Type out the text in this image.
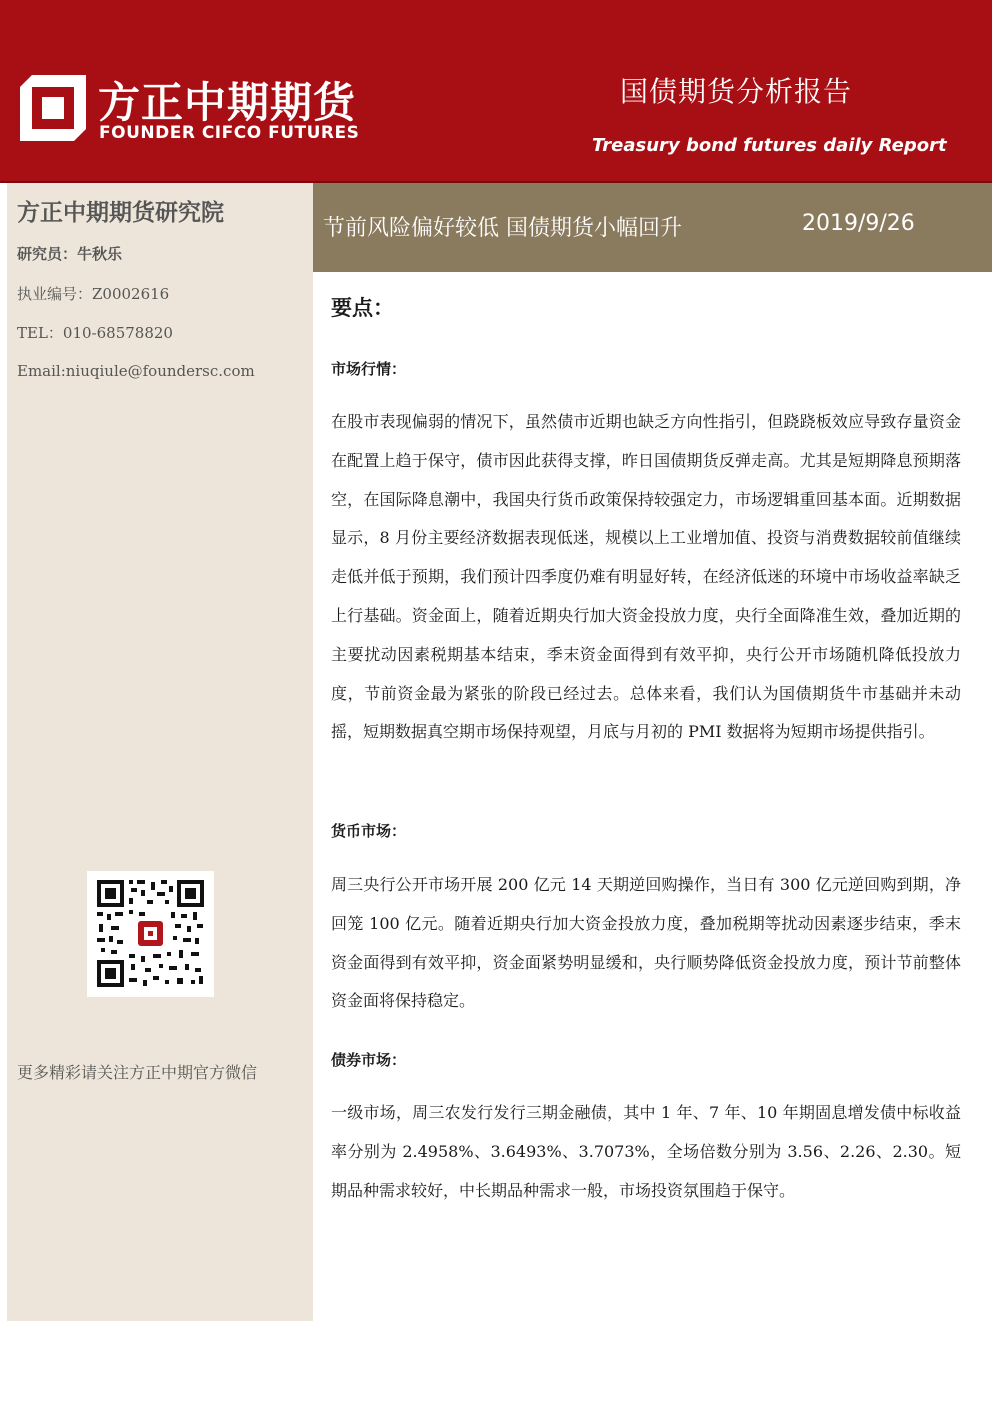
方正中期期货
FOUNDER CIFCO FUTURES
国债期货分析报告
Treasury bond futures daily Report
方正中期期货研究院
研究员：牛秋乐
执业编号：Z0002616
TEL：010-68578820
Email:niuqiule@foundersc.com
更多精彩请关注方正中期官方微信
节前风险偏好较低 国债期货小幅回升	2019/9/26
要点：
市场行情：
在股市表现偏弱的情况下，虽然债市近期也缺乏方向性指引，但跷跷板效应导致存量资金在配置上趋于保守，债市因此获得支撑，昨日国债期货反弹走高。尤其是短期降息预期落空，在国际降息潮中，我国央行货币政策保持较强定力，市场逻辑重回基本面。近期数据显示，8 月份主要经济数据表现低迷，规模以上工业增加值、投资与消费数据较前值继续走低并低于预期，我们预计四季度仍难有明显好转，在经济低迷的环境中市场收益率缺乏上行基础。资金面上，随着近期央行加大资金投放力度，央行全面降准生效，叠加近期的主要扰动因素税期基本结束，季末资金面得到有效平抑，央行公开市场随机降低投放力度，节前资金最为紧张的阶段已经过去。总体来看，我们认为国债期货牛市基础并未动摇，短期数据真空期市场保持观望，月底与月初的 PMI 数据将为短期市场提供指引。
货币市场：
周三央行公开市场开展 200 亿元 14 天期逆回购操作，当日有 300 亿元逆回购到期，净回笼 100 亿元。随着近期央行加大资金投放力度，叠加税期等扰动因素逐步结束，季末资金面得到有效平抑，资金面紧势明显缓和，央行顺势降低资金投放力度，预计节前整体资金面将保持稳定。
债券市场：
一级市场，周三农发行发行三期金融债，其中 1 年、7 年、10 年期固息增发债中标收益率分别为 2.4958%、3.6493%、3.7073%，全场倍数分别为 3.56、2.26、2.30。短期品种需求较好，中长期品种需求一般，市场投资氛围趋于保守。
